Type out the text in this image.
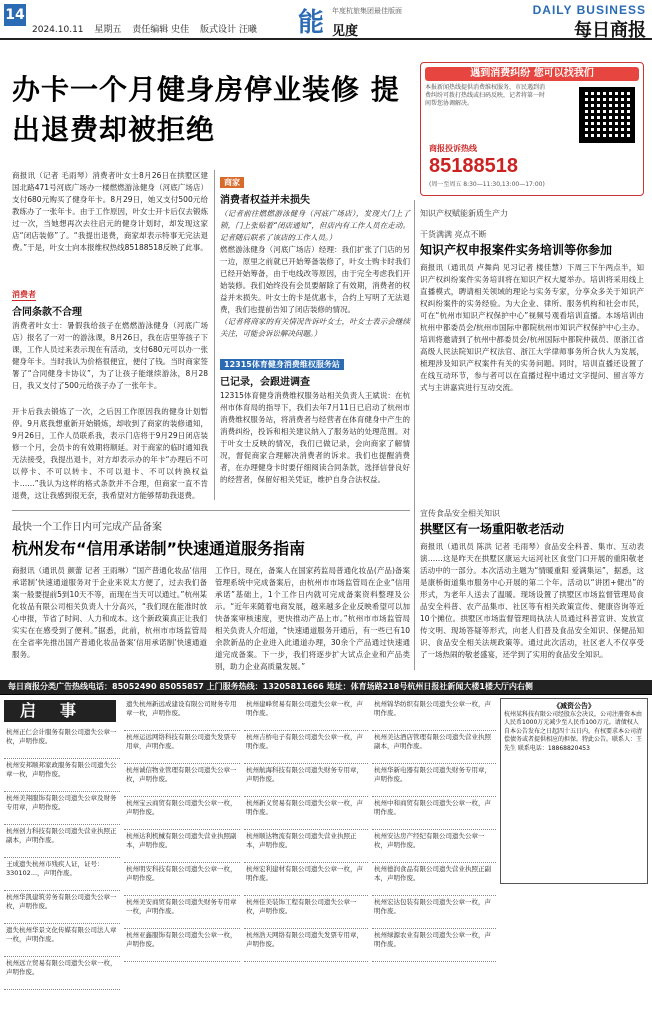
14
2024.10.11 星期五 责任编辑 史佳 版式设计 汪曦	能 年度杭旅集团最佳版面
见度
DAILY BUSINESS
每日商报
办卡一个月健身房停业装修 提出退费却被拒绝
遇到消费纠纷 您可以找我们
本报新闻热线提供消费维权服务，市民遇到消费纠纷可拨打热线或扫码反映，记者将第一时间帮您协调解决。
商报投诉热线
85188518
(周一至周五 8:30—11:30,13:00—17:00)

商报讯（记者 毛雨琴）消费者叶女士8月26日在拱墅区建国北路471号河底广场办一楼燃燃游泳健身（河底广场店）支付680元购买了健身年卡。8月29日，她又支付500元给教练办了一张年卡。由于工作原因，叶女士开卡后仅去锻炼过一次，当她想再次去往启元的健身计划时，却发现这家店“闭店装修”了。“我提出退费，商家却表示特事无完法退费。”于是，叶女士向本报维权热线85188518反映了此事。

消费者
合同条款不合理

消费者叶女士：暑假我给孩子在燃燃游泳健身（河底广场店）报名了一对一的游泳课，8月26日，我在店里等孩子下课，工作人员过来表示现在有活动，支付680元可以办一张健身年卡。当时我认为价格很便宜，便付了钱。当时商家签署了“合同健身卡协议”，为了让孩子能继续游泳，8月28日，我又支付了500元给孩子办了一张年卡。

开卡后我去锻炼了一次，之后因工作原因我的健身计划暂停。9月底我想重新开始锻炼，却收到了商家的装修通知，9月26日，工作人员联系我，表示门店将于9月29日闭店装修一个月，会员卡的有效期将顺延。对于商家的临时通知我无法接受，我提出退卡，对方却表示办的年卡“办理后不可以停卡、不可以转卡、不可以退卡、不可以转换权益卡……”我认为这样的格式条款并不合理，但商家一直不肯退费，这让我感到很无奈，我希望对方能够帮助我退费。

商家
消费者权益并未损失

（记者前往燃燃游泳健身（河底广场店），发现大门上了锁，门上张贴着“闭店通知”，但店内有工作人员在走动。记者随后联系了该店的工作人员。）

燃燃游泳健身（河底广场店）经理：我们扩张了门店的另一边，原里之前就已开始筹备装修了，叶女士购卡时我们已经开始筹备，由于电线改等原因，由于完全考虑我们开始装修。我们始终没有会员要解除了有效期，消费者的权益并未损失。叶女士的卡是优惠卡，合约上写明了无法退费，我们也提前告知了闭店装修的情况。

（记者将商家的有关情况告诉叶女士，叶女士表示会继续关注，可能会诉讼解决问题。）

12315体育健身消费维权服务站
已记录，会跟进调查

12315体育健身消费维权服务站相关负责人王斌说：在杭州市体育局的指导下，我们去年7月11日已启动了杭州市消费维权服务站，将消费者与经营者在体育健身中产生的消费纠纷，投诉和相关建议纳入了服务站的处理范围。对于叶女士反映的情况，我们已做记录，会向商家了解情况，督促商家合理解决消费者的诉求。我们也提醒消费者，在办理健身卡时要仔细阅读合同条款，选择信誉良好的经营者，保留好相关凭证，维护自身合法权益。

知识产权赋能新质生产力
干货满满 亮点不断
知识产权申报案件实务培训等你参加

商报讯（通讯员 卢舞尚 见习记者 楼佳慧）下周三下午两点半，知识产权纠纷案件实务培训将在知识产权大厦举办。培训将采用线上直播模式，聘请相关领域的理论与实务专家，分享众多关于知识产权纠纷案件的实务经验。为大企业、律所、服务机构和社会市民，可在“杭州市知识产权保护中心”视频号观看培训直播。本场培训由杭州中都委员会/杭州市国际中都院杭州市知识产权保护中心主办。培训将邀请到了杭州中都委员会/杭州国际中都院仲裁员、原浙江省高级人民法院知识产权法官、浙江大学律师事务所合伙人为发展，梳理涉及知识产权案件有关的实务问题。同时，培训直播还设置了在线互动环节，参与者可以在直播过程中通过文字提问、留言等方式与主讲嘉宾进行互动交流。

宣传食品安全相关知识
拱墅区有一场重阳敬老活动

商报讯（通讯员 陈洪 记者 毛雨琴）食品安全科普、集市、互动表演……这是昨天在拱墅区康运大运河社区食堂门口开展的重阳敬老活动中的一部分。本次活动主题为“情暖重阳 爱满集运”，据悉，这是康桥街道集市服务中心开展的第二个年。活动以“讲团+健出”的形式，为老年人送去了温暖。现场设置了拱墅区市场监督管理局食品安全科普、农产品集市、社区等有相关政策宣传、健康咨询等近10个摊位。拱墅区市场监督管理局执法人员通过科普宣讲、发放宣传文明、现场答疑等形式，向老人们普及食品安全知识、保健品知识、食品安全相关法规政策等。通过此次活动，社区老人不仅享受了一场热闹的敬老盛宴，还学到了实用的食品安全知识。

最快一个工作日内可完成产品备案
杭州发布“信用承诺制”快速通道服务指南

商报讯（通讯员 颜蕾 记者 王雨琳）“国产普通化妆品‘信用承诺制’快速通道服务对于企业来说太方便了，过去我们备案一般要提前5到10天不等，而现在当天可以通过。”杭州某化妆品有限公司相关负责人十分高兴，“我们现在能准时放心申报，节省了时间、人力和成本。这个新政策真正让我们实实在在感受到了便利。”据悉，此前，杭州市市场监管局在全省率先推出国产普通化妆品备案‘信用承诺制’快速通道服务。

工作日，现在，备案人在国家药监局普通化妆品(产品)备案管理系统中完成备案后，由杭州市市场监管局在企业“信用承诺”基础上，1个工作日内就可完成备案资料整理及公示。“近年来随着电商发展，越来越多企业反映希望可以加快备案审核速度，更快推动产品上市。”杭州市市场监管局相关负责人介绍道，“快速通道服务开通后，有一些已有10余款新品的企业进入此通道办理，30余个产品通过快速通道完成备案。下一步，我们将逐步扩大试点企业和产品类别，助力企业高质量发展。”

每日商报分类广告热线电话：85052490 85055857 上门服务热线：13205811666 地址：体育场路218号杭州日报社新闻大楼1楼大厅内右侧
启事
杭州正仁会计服务有限公司遗失公章一枚，声明作废。
杭州安邦顺邦家政服务有限公司遗失公章一枚，声明作废。
杭州美翔服饰有限公司遗失公章及财务专用章，声明作废。
杭州创力科技有限公司遗失营业执照正副本，声明作废。
王成遗失杭州市残疾人证，证号：330102...，声明作废。
杭州华凯建筑劳务有限公司遗失公章一枚，声明作废。
遗失杭州华景文化传媒有限公司法人章一枚，声明作废。
杭州远立贸易有限公司遗失公章一枚，声明作废。
遗失杭州新远成建设有限公司财务专用章一枚，声明作废。
杭州运远网络科技有限公司遗失发票专用章，声明作废。
杭州诚信物业管理有限公司遗失公章一枚，声明作废。
杭州宝云商贸有限公司遗失公章一枚，声明作废。
杭州达利机械有限公司遗失营业执照副本，声明作废。
杭州明安科技有限公司遗失公章一枚，声明作废。
杭州美安商贸有限公司遗失财务专用章一枚，声明作废。
杭州亚鑫服饰有限公司遗失公章一枚，声明作废。
杭州建峰贸易有限公司遗失公章一枚，声明作废。
杭州吉桥电子有限公司遗失公章一枚，声明作废。
杭州航海科技有限公司遗失财务专用章，声明作废。
杭州新义贸易有限公司遗失公章一枚，声明作废。
杭州顺达物流有限公司遗失营业执照正本，声明作废。
杭州宏利建材有限公司遗失公章一枚，声明作废。
杭州佳美装饰工程有限公司遗失公章一枚，声明作废。
杭州浩天网络有限公司遗失发票专用章，声明作废。
杭州锦华纺织有限公司遗失公章一枚，声明作废。
杭州美达酒店管理有限公司遗失营业执照副本，声明作废。
杭州华新电器有限公司遗失财务专用章，声明作废。
杭州中和商贸有限公司遗失公章一枚，声明作废。
杭州安达房产经纪有限公司遗失公章一枚，声明作废。
杭州德润食品有限公司遗失营业执照正副本，声明作废。
杭州宏达包装有限公司遗失公章一枚，声明作废。
杭州绿源农业有限公司遗失公章一枚，声明作废。
《减资公告》
杭州某科技有限公司经股东会决议，公司注册资本由人民币1000万元减少至人民币100万元。请债权人自本公告发布之日起四十五日内，有权要求本公司清偿债务或者提供相应的担保。特此公告。联系人：王先生 联系电话：18868820453
